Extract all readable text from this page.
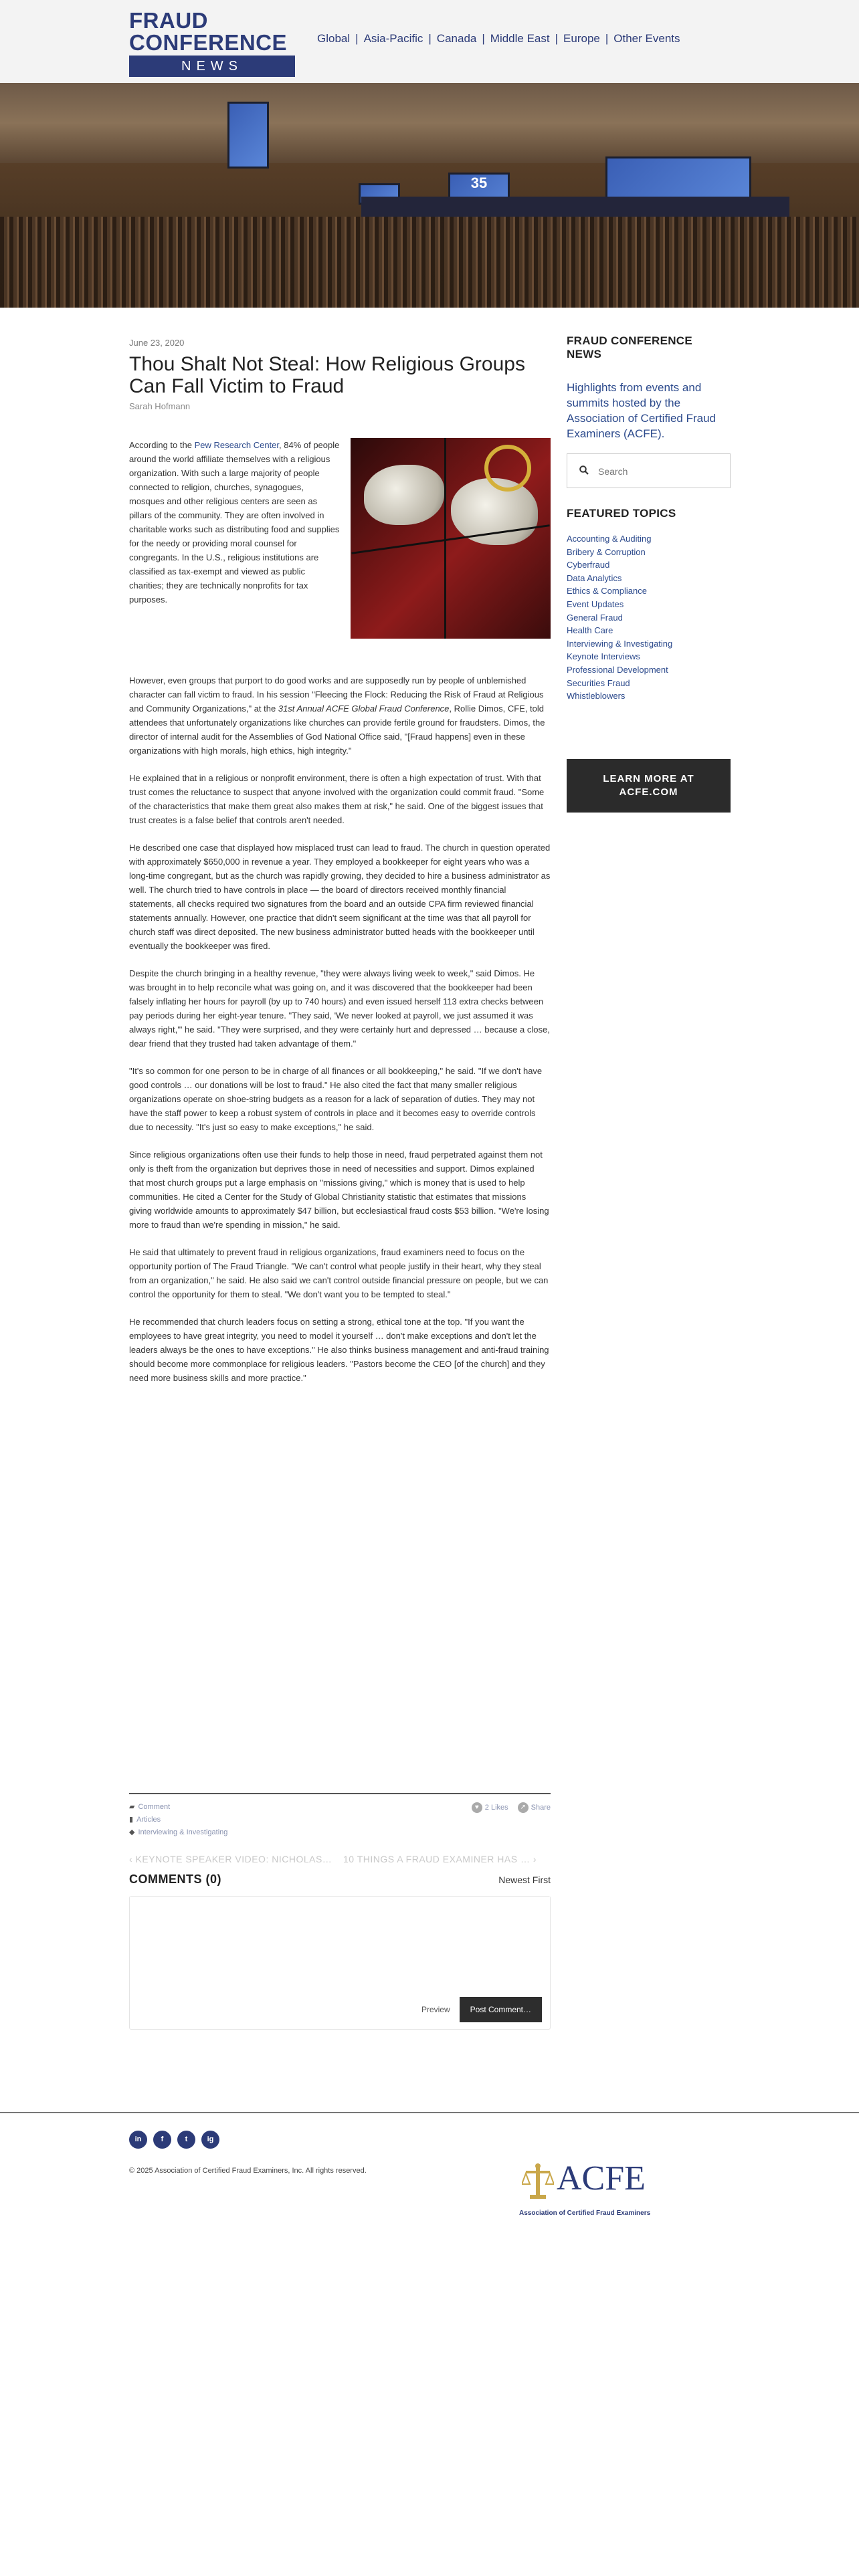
FRAUD
CONFERENCE
NEWS
Global | Asia-Pacific | Canada | Middle East | Europe | Other Events
35
June 23, 2020
Thou Shalt Not Steal: How Religious Groups Can Fall Victim to Fraud
Sarah Hofmann

According to the Pew Research Center, 84% of people around the world affiliate themselves with a religious organization. With such a large majority of people connected to religion, churches, synagogues, mosques and other religious centers are seen as pillars of the community. They are often involved in charitable works such as distributing food and supplies for the needy or providing moral counsel for congregants. In the U.S., religious institutions are classified as tax-exempt and viewed as public charities; they are technically nonprofits for tax purposes.

However, even groups that purport to do good works and are supposedly run by people of unblemished character can fall victim to fraud. In his session "Fleecing the Flock: Reducing the Risk of Fraud at Religious and Community Organizations," at the 31st Annual ACFE Global Fraud Conference, Rollie Dimos, CFE, told attendees that unfortunately organizations like churches can provide fertile ground for fraudsters. Dimos, the director of internal audit for the Assemblies of God National Office said, "[Fraud happens] even in these organizations with high morals, high ethics, high integrity."

He explained that in a religious or nonprofit environment, there is often a high expectation of trust. With that trust comes the reluctance to suspect that anyone involved with the organization could commit fraud. "Some of the characteristics that make them great also makes them at risk," he said. One of the biggest issues that trust creates is a false belief that controls aren't needed.

He described one case that displayed how misplaced trust can lead to fraud. The church in question operated with approximately $650,000 in revenue a year. They employed a bookkeeper for eight years who was a long-time congregant, but as the church was rapidly growing, they decided to hire a business administrator as well. The church tried to have controls in place — the board of directors received monthly financial statements, all checks required two signatures from the board and an outside CPA firm reviewed financial statements annually. However, one practice that didn't seem significant at the time was that all payroll for church staff was direct deposited. The new business administrator butted heads with the bookkeeper until eventually the bookkeeper was fired.

Despite the church bringing in a healthy revenue, "they were always living week to week," said Dimos. He was brought in to help reconcile what was going on, and it was discovered that the bookkeeper had been falsely inflating her hours for payroll (by up to 740 hours) and even issued herself 113 extra checks between pay periods during her eight-year tenure. "They said, 'We never looked at payroll, we just assumed it was always right,'" he said. "They were surprised, and they were certainly hurt and depressed … because a close, dear friend that they trusted had taken advantage of them."

"It's so common for one person to be in charge of all finances or all bookkeeping," he said. "If we don't have good controls … our donations will be lost to fraud." He also cited the fact that many smaller religious organizations operate on shoe-string budgets as a reason for a lack of separation of duties. They may not have the staff power to keep a robust system of controls in place and it becomes easy to override controls due to necessity. "It's just so easy to make exceptions," he said.

Since religious organizations often use their funds to help those in need, fraud perpetrated against them not only is theft from the organization but deprives those in need of necessities and support. Dimos explained that most church groups put a large emphasis on "missions giving," which is money that is used to help communities. He cited a Center for the Study of Global Christianity statistic that estimates that missions giving worldwide amounts to approximately $47 billion, but ecclesiastical fraud costs $53 billion. "We're losing more to fraud than we're spending in mission," he said.

He said that ultimately to prevent fraud in religious organizations, fraud examiners need to focus on the opportunity portion of The Fraud Triangle. "We can't control what people justify in their heart, why they steal from an organization," he said. He also said we can't control outside financial pressure on people, but we can control the opportunity for them to steal. "We don't want you to be tempted to steal."

He recommended that church leaders focus on setting a strong, ethical tone at the top. "If you want the employees to have great integrity, you need to model it yourself … don't make exceptions and don't let the leaders always be the ones to have exceptions." He also thinks business management and anti-fraud training should become more commonplace for religious leaders. "Pastors become the CEO [of the church] and they need more business skills and more practice."

▰ Comment
▮ Articles
◆ Interviewing & Investigating
♥ 2 Likes	↗ Share
‹ KEYNOTE SPEAKER VIDEO: NICHOLAS…	10 THINGS A FRAUD EXAMINER HAS … ›
COMMENTS (0)	Newest First
Preview	Post Comment…
FRAUD CONFERENCE NEWS
Highlights from events and summits hosted by the Association of Certified Fraud Examiners (ACFE).
Search
FEATURED TOPICS
Accounting & Auditing
Bribery & Corruption
Cyberfraud
Data Analytics
Ethics & Compliance
Event Updates
General Fraud
Health Care
Interviewing & Investigating
Keynote Interviews
Professional Development
Securities Fraud
Whistleblowers
LEARN MORE AT
ACFE.COM
in	f	t	ig
© 2025 Association of Certified Fraud Examiners, Inc. All rights reserved.	ACFE
Association of Certified Fraud Examiners
